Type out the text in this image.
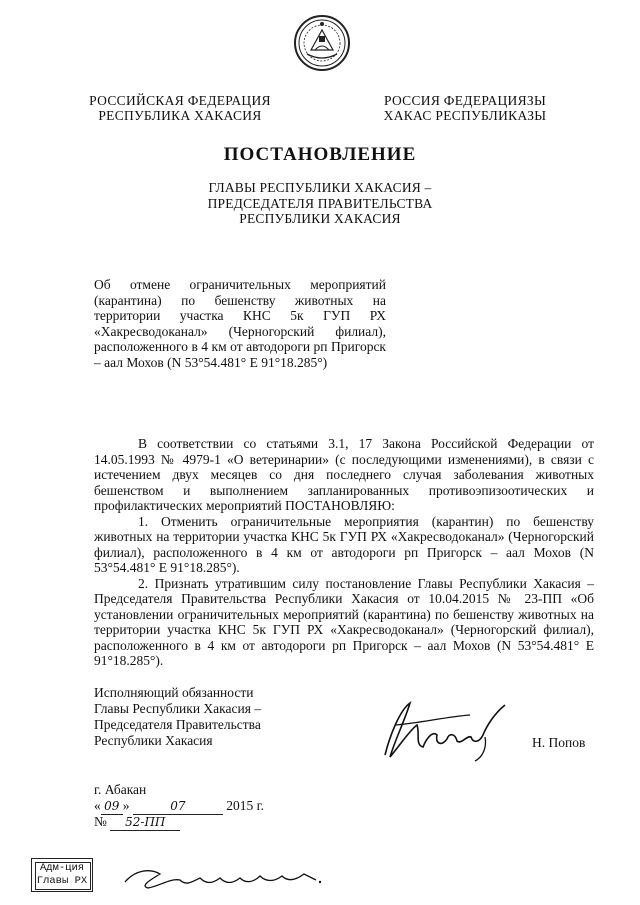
РОССИЙСКАЯ ФЕДЕРАЦИЯ
РЕСПУБЛИКА ХАКАСИЯ
РОССИЯ ФЕДЕРАЦИЯЗЫ
ХАКАС РЕСПУБЛИКАЗЫ
ПОСТАНОВЛЕНИЕ
ГЛАВЫ РЕСПУБЛИКИ ХАКАСИЯ –
ПРЕДСЕДАТЕЛЯ ПРАВИТЕЛЬСТВА
РЕСПУБЛИКИ ХАКАСИЯ
Об отмене ограничительных мероприятий (карантина) по бешенству животных на территории участка КНС 5к ГУП РХ «Хакресводоканал» (Черногорский филиал), расположенного в 4 км от автодороги рп Пригорск – аал Мохов (N 53°54.481° E 91°18.285°)

В соответствии со статьями 3.1, 17 Закона Российской Федерации от 14.05.1993 № 4979-1 «О ветеринарии» (с последующими изменениями), в связи с истечением двух месяцев со дня последнего случая заболевания животных бешенством и выполнением запланированных противоэпизоотических и профилактических мероприятий ПОСТАНОВЛЯЮ:

1. Отменить ограничительные мероприятия (карантин) по бешенству животных на территории участка КНС 5к ГУП РХ «Хакресводоканал» (Черногорский филиал), расположенного в 4 км от автодороги рп Пригорск – аал Мохов (N 53°54.481° E 91°18.285°).

2. Признать утратившим силу постановление Главы Республики Хакасия – Председателя Правительства Республики Хакасия от 10.04.2015 № 23-ПП «Об установлении ограничительных мероприятий (карантина) по бешенству животных на территории участка КНС 5к ГУП РХ «Хакресводоканал» (Черногорский филиал), расположенного в 4 км от автодороги рп Пригорск – аал Мохов (N 53°54.481° E 91°18.285°).

Исполняющий обязанности
Главы Республики Хакасия –
Председателя Правительства
Республики Хакасия	Н. Попов
г. Абакан
« 09 »	07	2015 г.
№ 52-ПП
Адм-ция
Главы РХ
